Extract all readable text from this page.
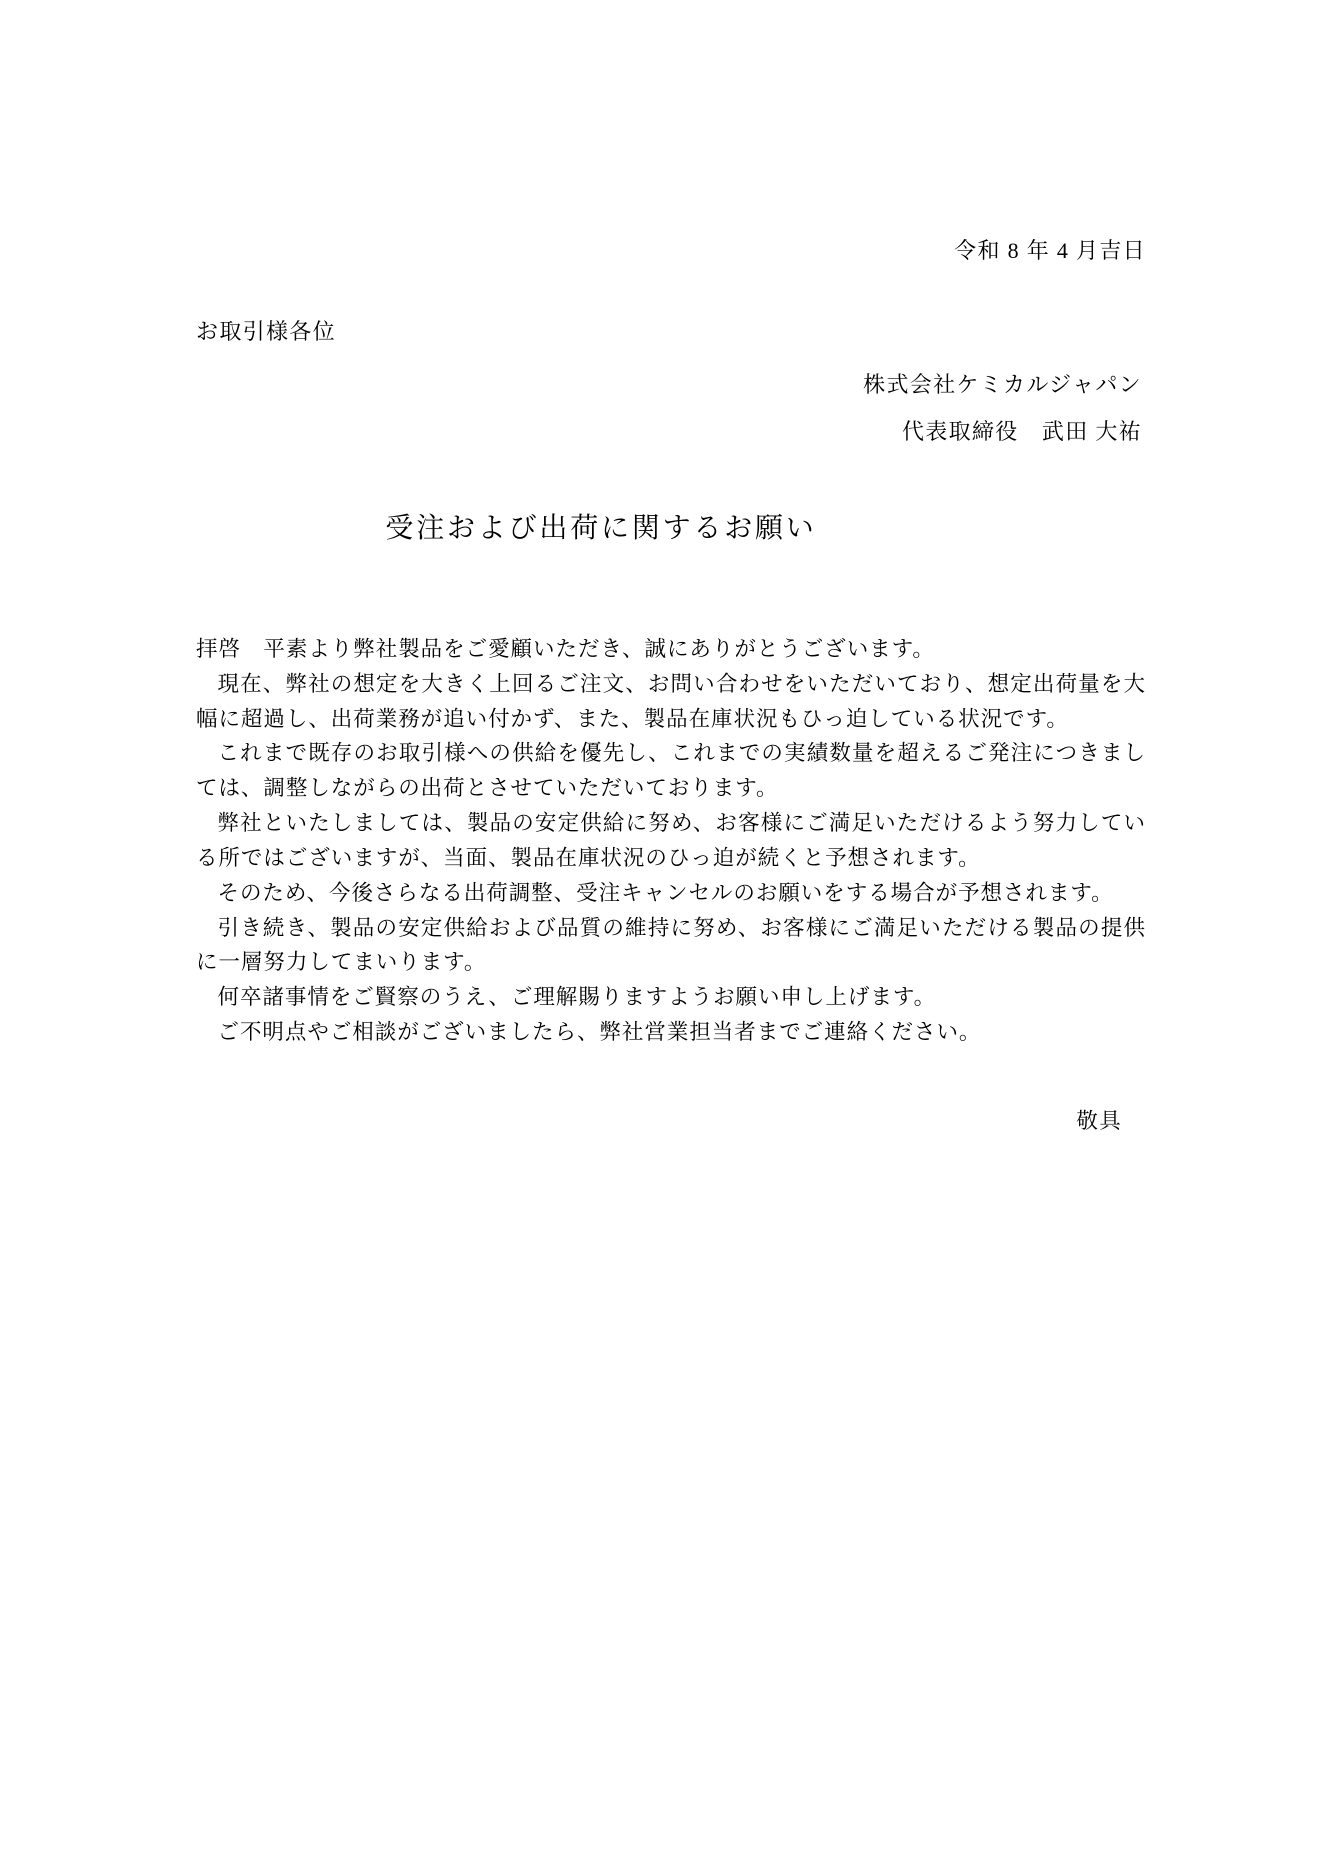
令和 8 年 4 月吉日
お取引様各位
株式会社ケミカルジャパン
代表取締役　武田 大祐
受注および出荷に関するお願い

拝啓　平素より弊社製品をご愛顧いただき、誠にありがとうございます。

現在、弊社の想定を大きく上回るご注文、お問い合わせをいただいており、想定出荷量を大幅に超過し、出荷業務が追い付かず、また、製品在庫状況もひっ迫している状況です。

これまで既存のお取引様への供給を優先し、これまでの実績数量を超えるご発注につきましては、調整しながらの出荷とさせていただいております。

弊社といたしましては、製品の安定供給に努め、お客様にご満足いただけるよう努力している所ではございますが、当面、製品在庫状況のひっ迫が続くと予想されます。

そのため、今後さらなる出荷調整、受注キャンセルのお願いをする場合が予想されます。

引き続き、製品の安定供給および品質の維持に努め、お客様にご満足いただける製品の提供に一層努力してまいります。

何卒諸事情をご賢察のうえ、ご理解賜りますようお願い申し上げます。

ご不明点やご相談がございましたら、弊社営業担当者までご連絡ください。

敬具
